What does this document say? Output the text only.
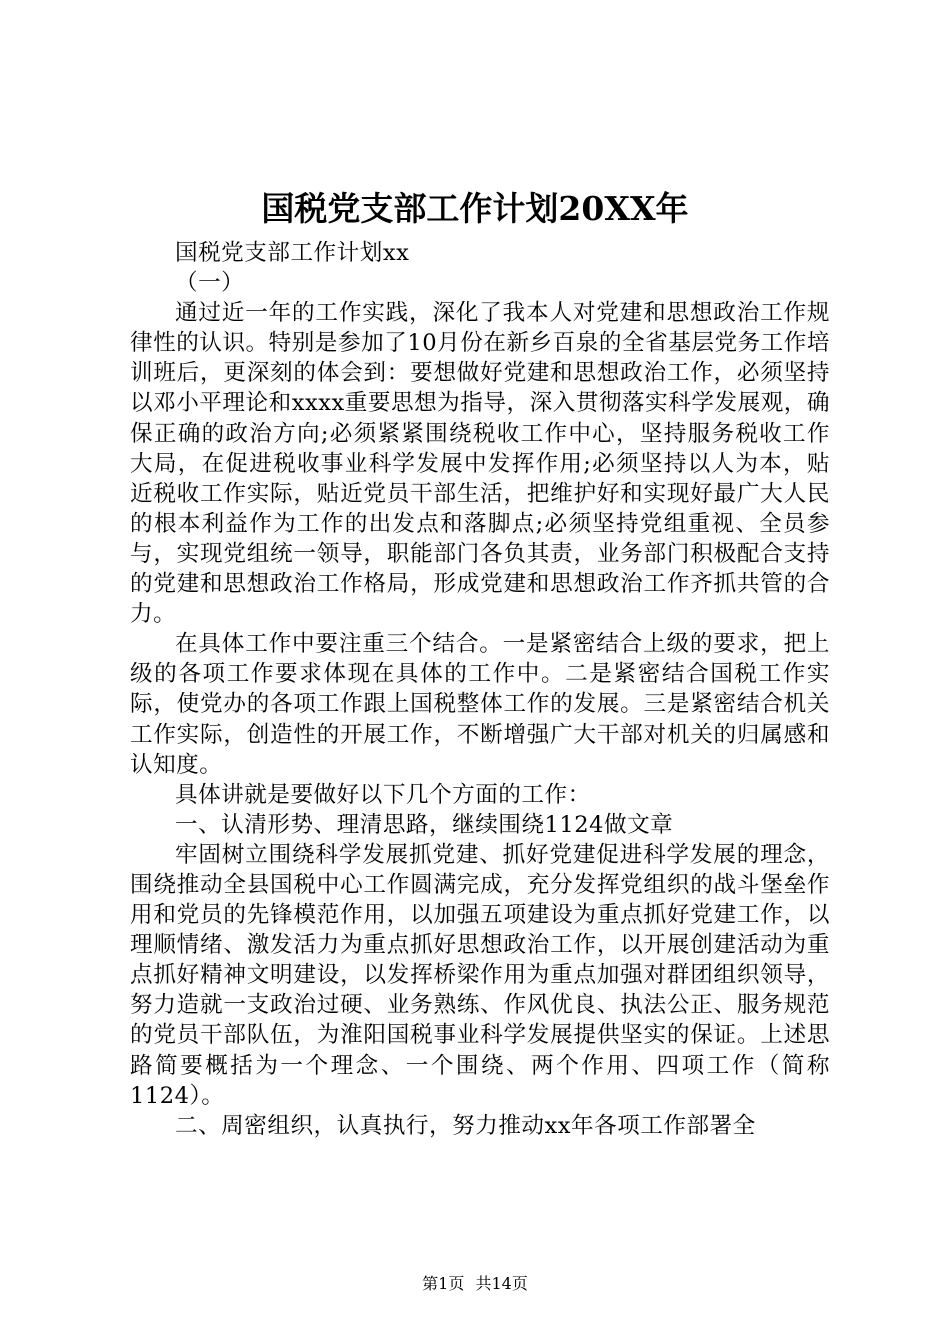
国税党支部工作计划20XX年

国税党支部工作计划xx

（一）

通过近一年的工作实践，深化了我本人对党建和思想政治工作规律性的认识。特别是参加了10月份在新乡百泉的全省基层党务工作培训班后，更深刻的体会到：要想做好党建和思想政治工作，必须坚持以邓小平理论和xxxx重要思想为指导，深入贯彻落实科学发展观，确保正确的政治方向;必须紧紧围绕税收工作中心，坚持服务税收工作大局，在促进税收事业科学发展中发挥作用;必须坚持以人为本，贴近税收工作实际，贴近党员干部生活，把维护好和实现好最广大人民的根本利益作为工作的出发点和落脚点;必须坚持党组重视、全员参与，实现党组统一领导，职能部门各负其责，业务部门积极配合支持的党建和思想政治工作格局，形成党建和思想政治工作齐抓共管的合力。

在具体工作中要注重三个结合。一是紧密结合上级的要求，把上级的各项工作要求体现在具体的工作中。二是紧密结合国税工作实际，使党办的各项工作跟上国税整体工作的发展。三是紧密结合机关工作实际，创造性的开展工作，不断增强广大干部对机关的归属感和认知度。

具体讲就是要做好以下几个方面的工作：

一、认清形势、理清思路，继续围绕1124做文章

牢固树立围绕科学发展抓党建、抓好党建促进科学发展的理念，围绕推动全县国税中心工作圆满完成，充分发挥党组织的战斗堡垒作用和党员的先锋模范作用，以加强五项建设为重点抓好党建工作，以理顺情绪、激发活力为重点抓好思想政治工作，以开展创建活动为重点抓好精神文明建设，以发挥桥梁作用为重点加强对群团组织领导，努力造就一支政治过硬、业务熟练、作风优良、执法公正、服务规范的党员干部队伍，为淮阳国税事业科学发展提供坚实的保证。上述思路简要概括为一个理念、一个围绕、两个作用、四项工作（简称1124）。

二、周密组织，认真执行，努力推动xx年各项工作部署全

第1页 共14页
